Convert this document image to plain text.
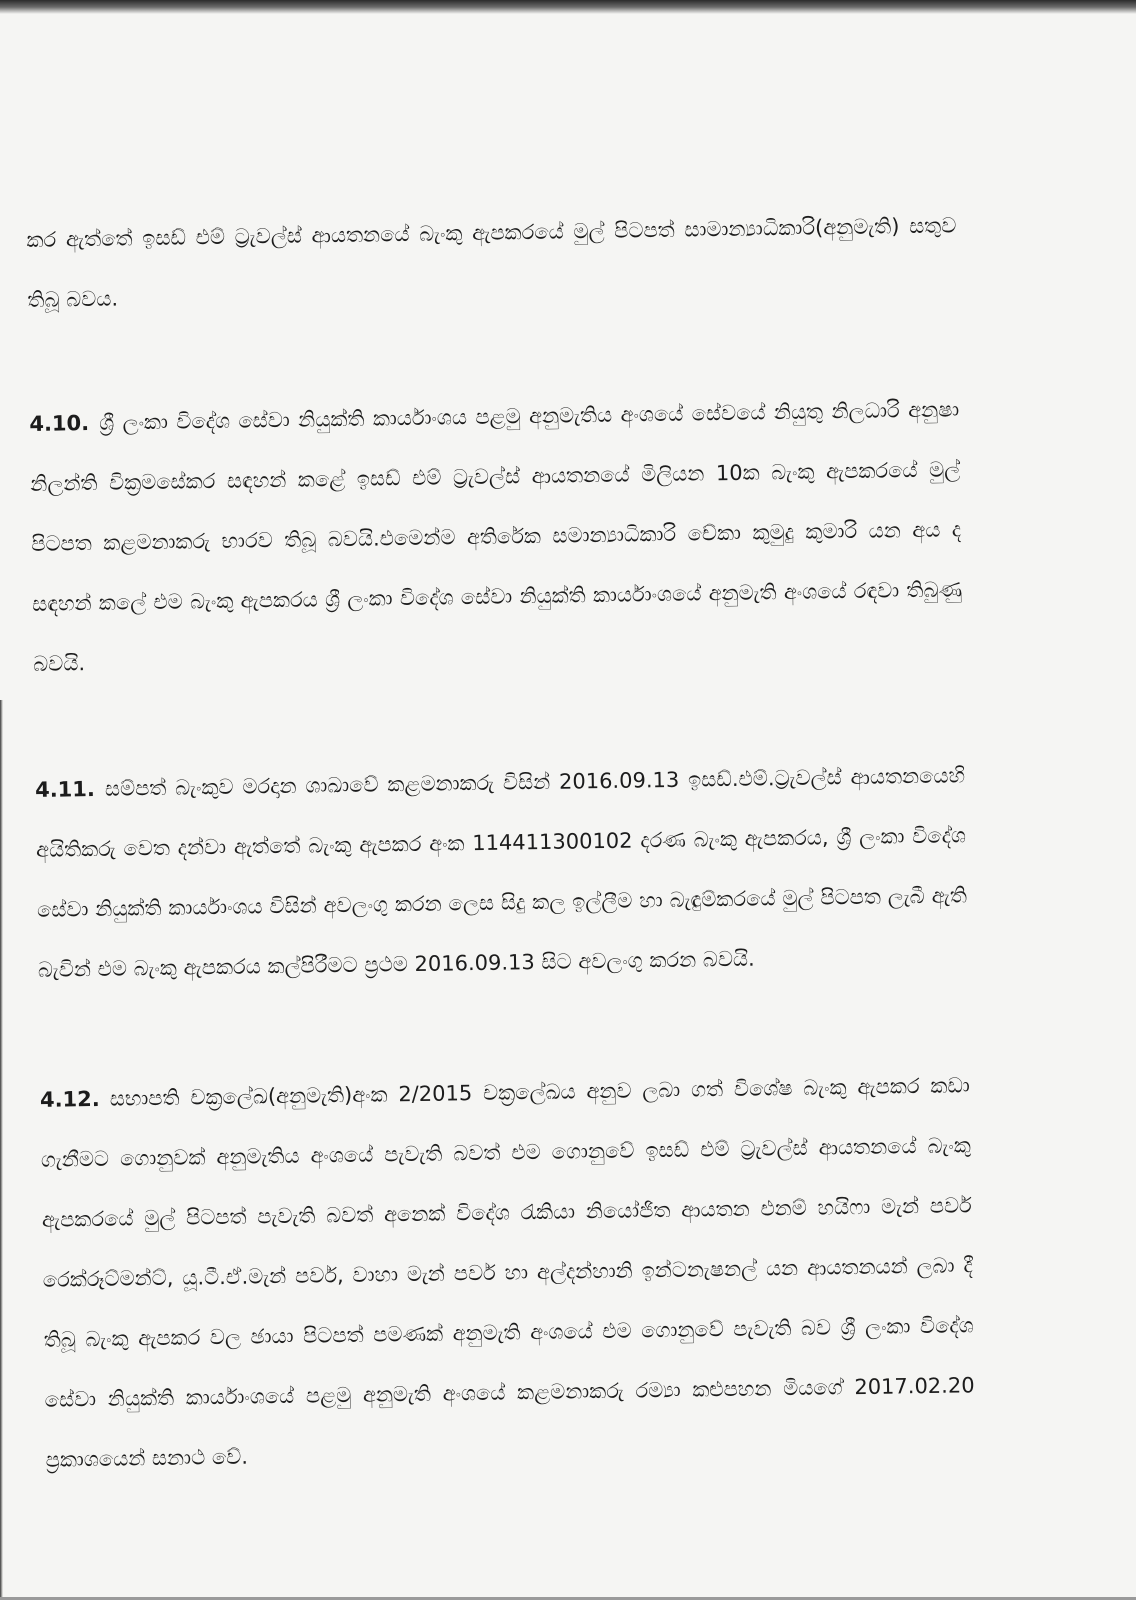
කර ඇත්තේ ඉසඩ් එම් ට්‍රැවල්ස් ආයතනයේ බැංකු ඇපකරයේ මුල් පිටපත් සාමාන්‍යාධිකාරි(අනුමැති) සතුව තිබූ බවය.

4.10. ශ්‍රී ලංකා විදේශ සේවා නියුක්ති කාර්යාංශය පළමු අනුමැතිය අංශයේ සේවයේ නියුතු නිලධාරි අනුෂා නිලන්ති වික්‍රමසේකර සඳහන් කළේ ඉසඩ් එම් ට්‍රැවල්ස් ආයතනයේ මිලියන 10ක බැංකු ඇපකරයේ මුල් පිටපත කළමනාකරු භාරව තිබූ බවයි.එමෙන්ම අතිරේක සමාන්‍යාධිකාරි චේකා කුමුදු කුමාරි යන අය ද සඳහන් කලේ එම බැංකු ඇපකරය ශ්‍රී ලංකා විදේශ සේවා නියුක්ති කාර්යාංශයේ අනුමැති අංශයේ රඳවා තිබුණු බවයි.

4.11. සම්පත් බැංකුව මරදාන ශාඛාවේ කළමනාකරු විසින් 2016.09.13 ඉසඩ්.එම්.ට්‍රැවල්ස් ආයතනයෙහි අයිතිකරු වෙත දන්වා ඇත්තේ බැංකු ඇපකර අංක 114411300102 දරණ බැංකු ඇපකරය, ශ්‍රී ලංකා විදේශ සේවා නියුක්ති කාර්යාංශය විසින් අවලංගු කරන ලෙස සිදු කල ඉල්ලීම හා බැඳුම්කරයේ මුල් පිටපත ලැබී ඇති බැවින් එම බැංකු ඇපකරය කල්පිරීමට ප්‍රථම 2016.09.13 සිට අවලංගු කරන බවයි.

4.12. සභාපති චක්‍රලේඛ(අනුමැති)අංක 2/2015 චක්‍රලේඛය අනුව ලබා ගත් විශේෂ බැංකු ඇපකර කඩා ගැනීමට ගොනුවක් අනුමැතිය අංශයේ පැවැති බවත් එම ගොනුවේ ඉසඩ් එම් ට්‍රැවල්ස් ආයතනයේ බැංකු ඇපකරයේ මුල් පිටපත් පැවැති බවත් අනෙක් විදේශ රැකියා නියෝජිත ආයතන එනම් හයිෆා මැන් පවර් රෙක්රූට්මන්ට්, යූ.ටී.ඒ.මැන් පවර්, වාහා මැන් පවර් හා අල්දන්හානි ඉන්ටනැෂනල් යන ආයතනයන් ලබා දී තිබූ බැංකු ඇපකර වල ඡායා පිටපත් පමණක් අනුමැති අංශයේ එම ගොනුවේ පැවැති බව ශ්‍රී ලංකා විදේශ සේවා නියුක්ති කාර්යාංශයේ පළමු අනුමැති අංශයේ කළමනාකරු රම්‍යා කළුපහන මියගේ 2017.02.20 ප්‍රකාශයෙන් සනාථ වේ.
